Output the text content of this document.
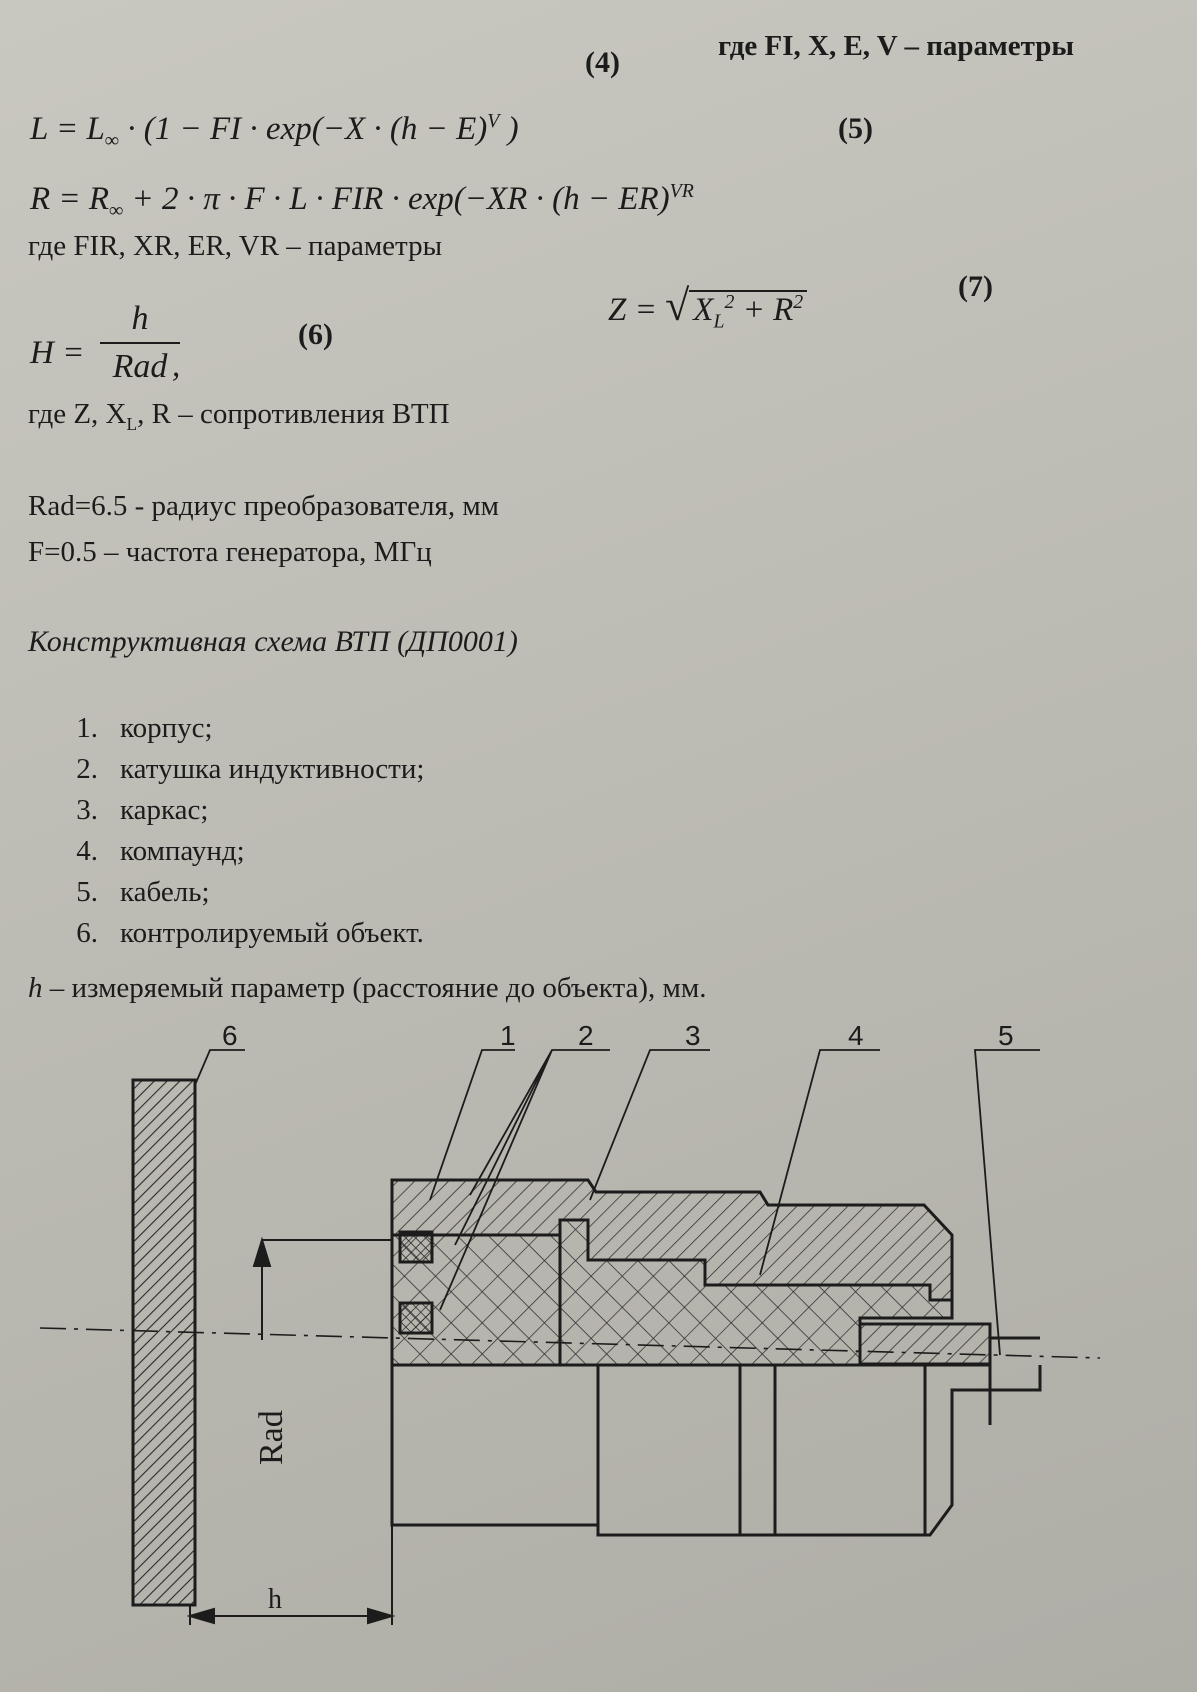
$L = L_\infty \cdot (1$ − FI · $\exp(-X \cdot (h - E)^V$ )
(4)	где FI, X, E, V – параметры
$R = R_\infty + 2 \cdot \pi \cdot F \cdot L$ · FIR · exp(−XR · (h − ER)$^{VR}$
(5)
где FIR, XR, ER, VR – параметры
H =
h
Rad ,
(6)
Z = √ $X_L^2 + R^2$	(7)
где Z, $X_L$, R – сопротивления ВТП
Rad=6.5 - радиус преобразователя, мм
F=0.5 – частота генератора, МГц
Конструктивная схема ВТП (ДП0001)
1. корпус;
2. катушка индуктивности;
3. каркас;
4. компаунд;
5. кабель;
6. контролируемый объект.
h – измеряемый параметр (расстояние до объекта), мм.
Rad
h
6	1 2	3	4	5
